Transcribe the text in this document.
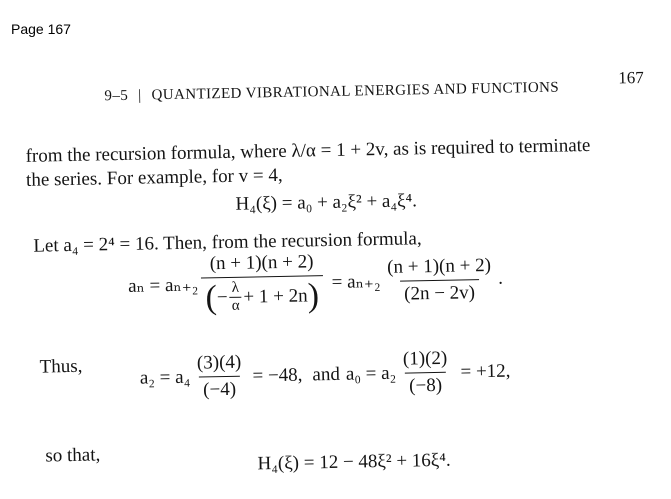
Page 167
9–5 | QUANTIZED VIBRATIONAL ENERGIES AND FUNCTIONS
167
from the recursion formula, where λ/α = 1 + 2v, as is required to terminate
the series. For example, for v = 4,
H₄(ξ) = a₀ + a₂ξ² + a₄ξ⁴.
Let a₄ = 2⁴ = 16. Then, from the recursion formula,
aₙ = aₙ₊₂
(n + 1)(n + 2)
( − $\frac{\lambda}{\alpha} + 1 + 2n$ ) = $a_{n+2} \frac{(n + 1)(n + 2)}{(2n - 2v)}$ .
Thus,	$a_2 = a_4 \frac{(3)(4)}{(-4)} = -48$, and $a_0 = a_2 \frac{(1)(2)}{(-8)} = +12$,
so that,	H₄(ξ) = 12 − 48ξ² + 16ξ⁴.
